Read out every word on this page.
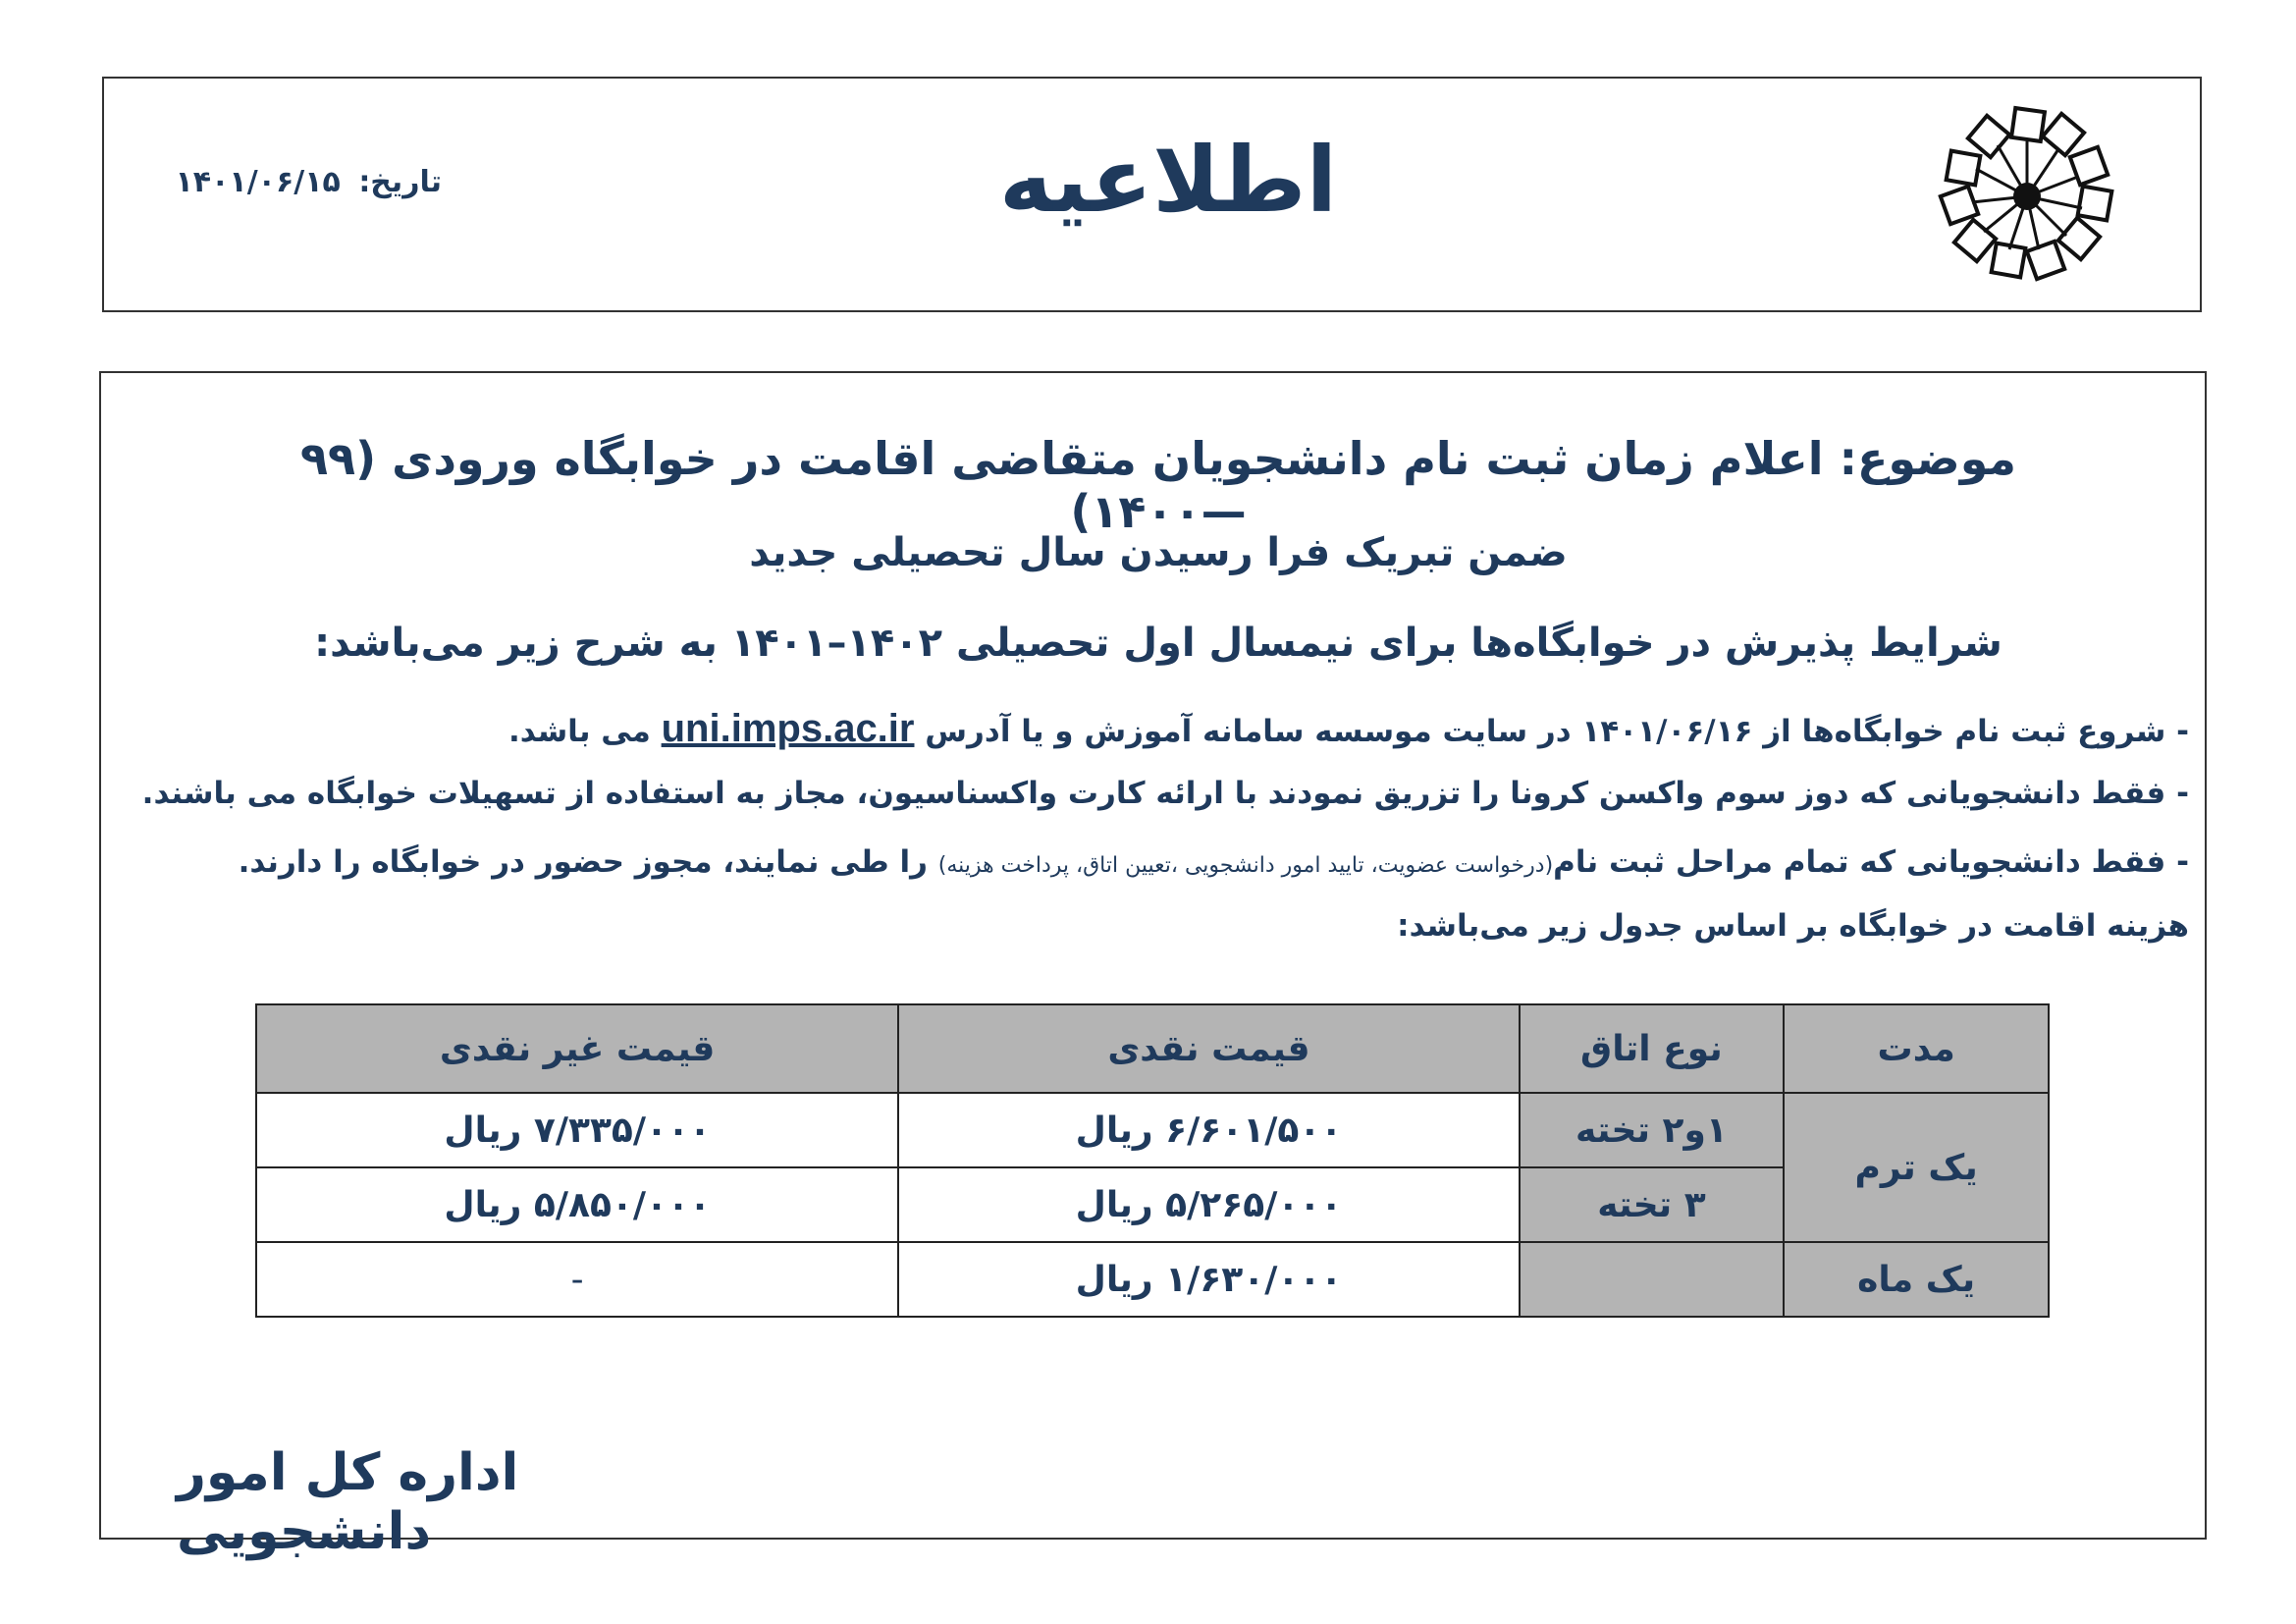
اطلاعیه
تاریخ: ۱۴۰۱/۰۶/۱۵
موضوع: اعلام زمان ثبت نام دانشجویان متقاضی اقامت در خوابگاه ورودی (۹۹—۱۴۰۰)
ضمن تبریک فرا رسیدن سال تحصیلی جدید
شرایط پذیرش در خوابگاه‌ها برای نیمسال اول تحصیلی ۱۴۰۲–۱۴۰۱ به شرح زیر می‌باشد:
- شروع ثبت نام خوابگاه‌ها از ۱۴۰۱/۰۶/۱۶ در سایت موسسه سامانه آموزش و یا آدرس uni.imps.ac.ir می باشد.
- فقط دانشجویانی که دوز سوم واکسن کرونا را تزریق نمودند با ارائه کارت واکسناسیون، مجاز به استفاده از تسهیلات خوابگاه می باشند.
- فقط دانشجویانی که تمام مراحل ثبت نام(درخواست عضویت، تایید امور دانشجویی ،تعیین اتاق، پرداخت هزینه) را طی نمایند، مجوز حضور در خوابگاه را دارند.
هزینه اقامت در خوابگاه بر اساس جدول زیر می‌باشد:
مدت	نوع اتاق	قیمت نقدی	قیمت غیر نقدی
یک ترم	۱و۲ تخته	۶/۶۰۱/۵۰۰ ریال	۷/۳۳۵/۰۰۰ ریال
	۳ تخته	۵/۲۶۵/۰۰۰ ریال	۵/۸۵۰/۰۰۰ ریال
یک ماه		۱/۶۳۰/۰۰۰ ریال	-
اداره کل امور دانشجویی
